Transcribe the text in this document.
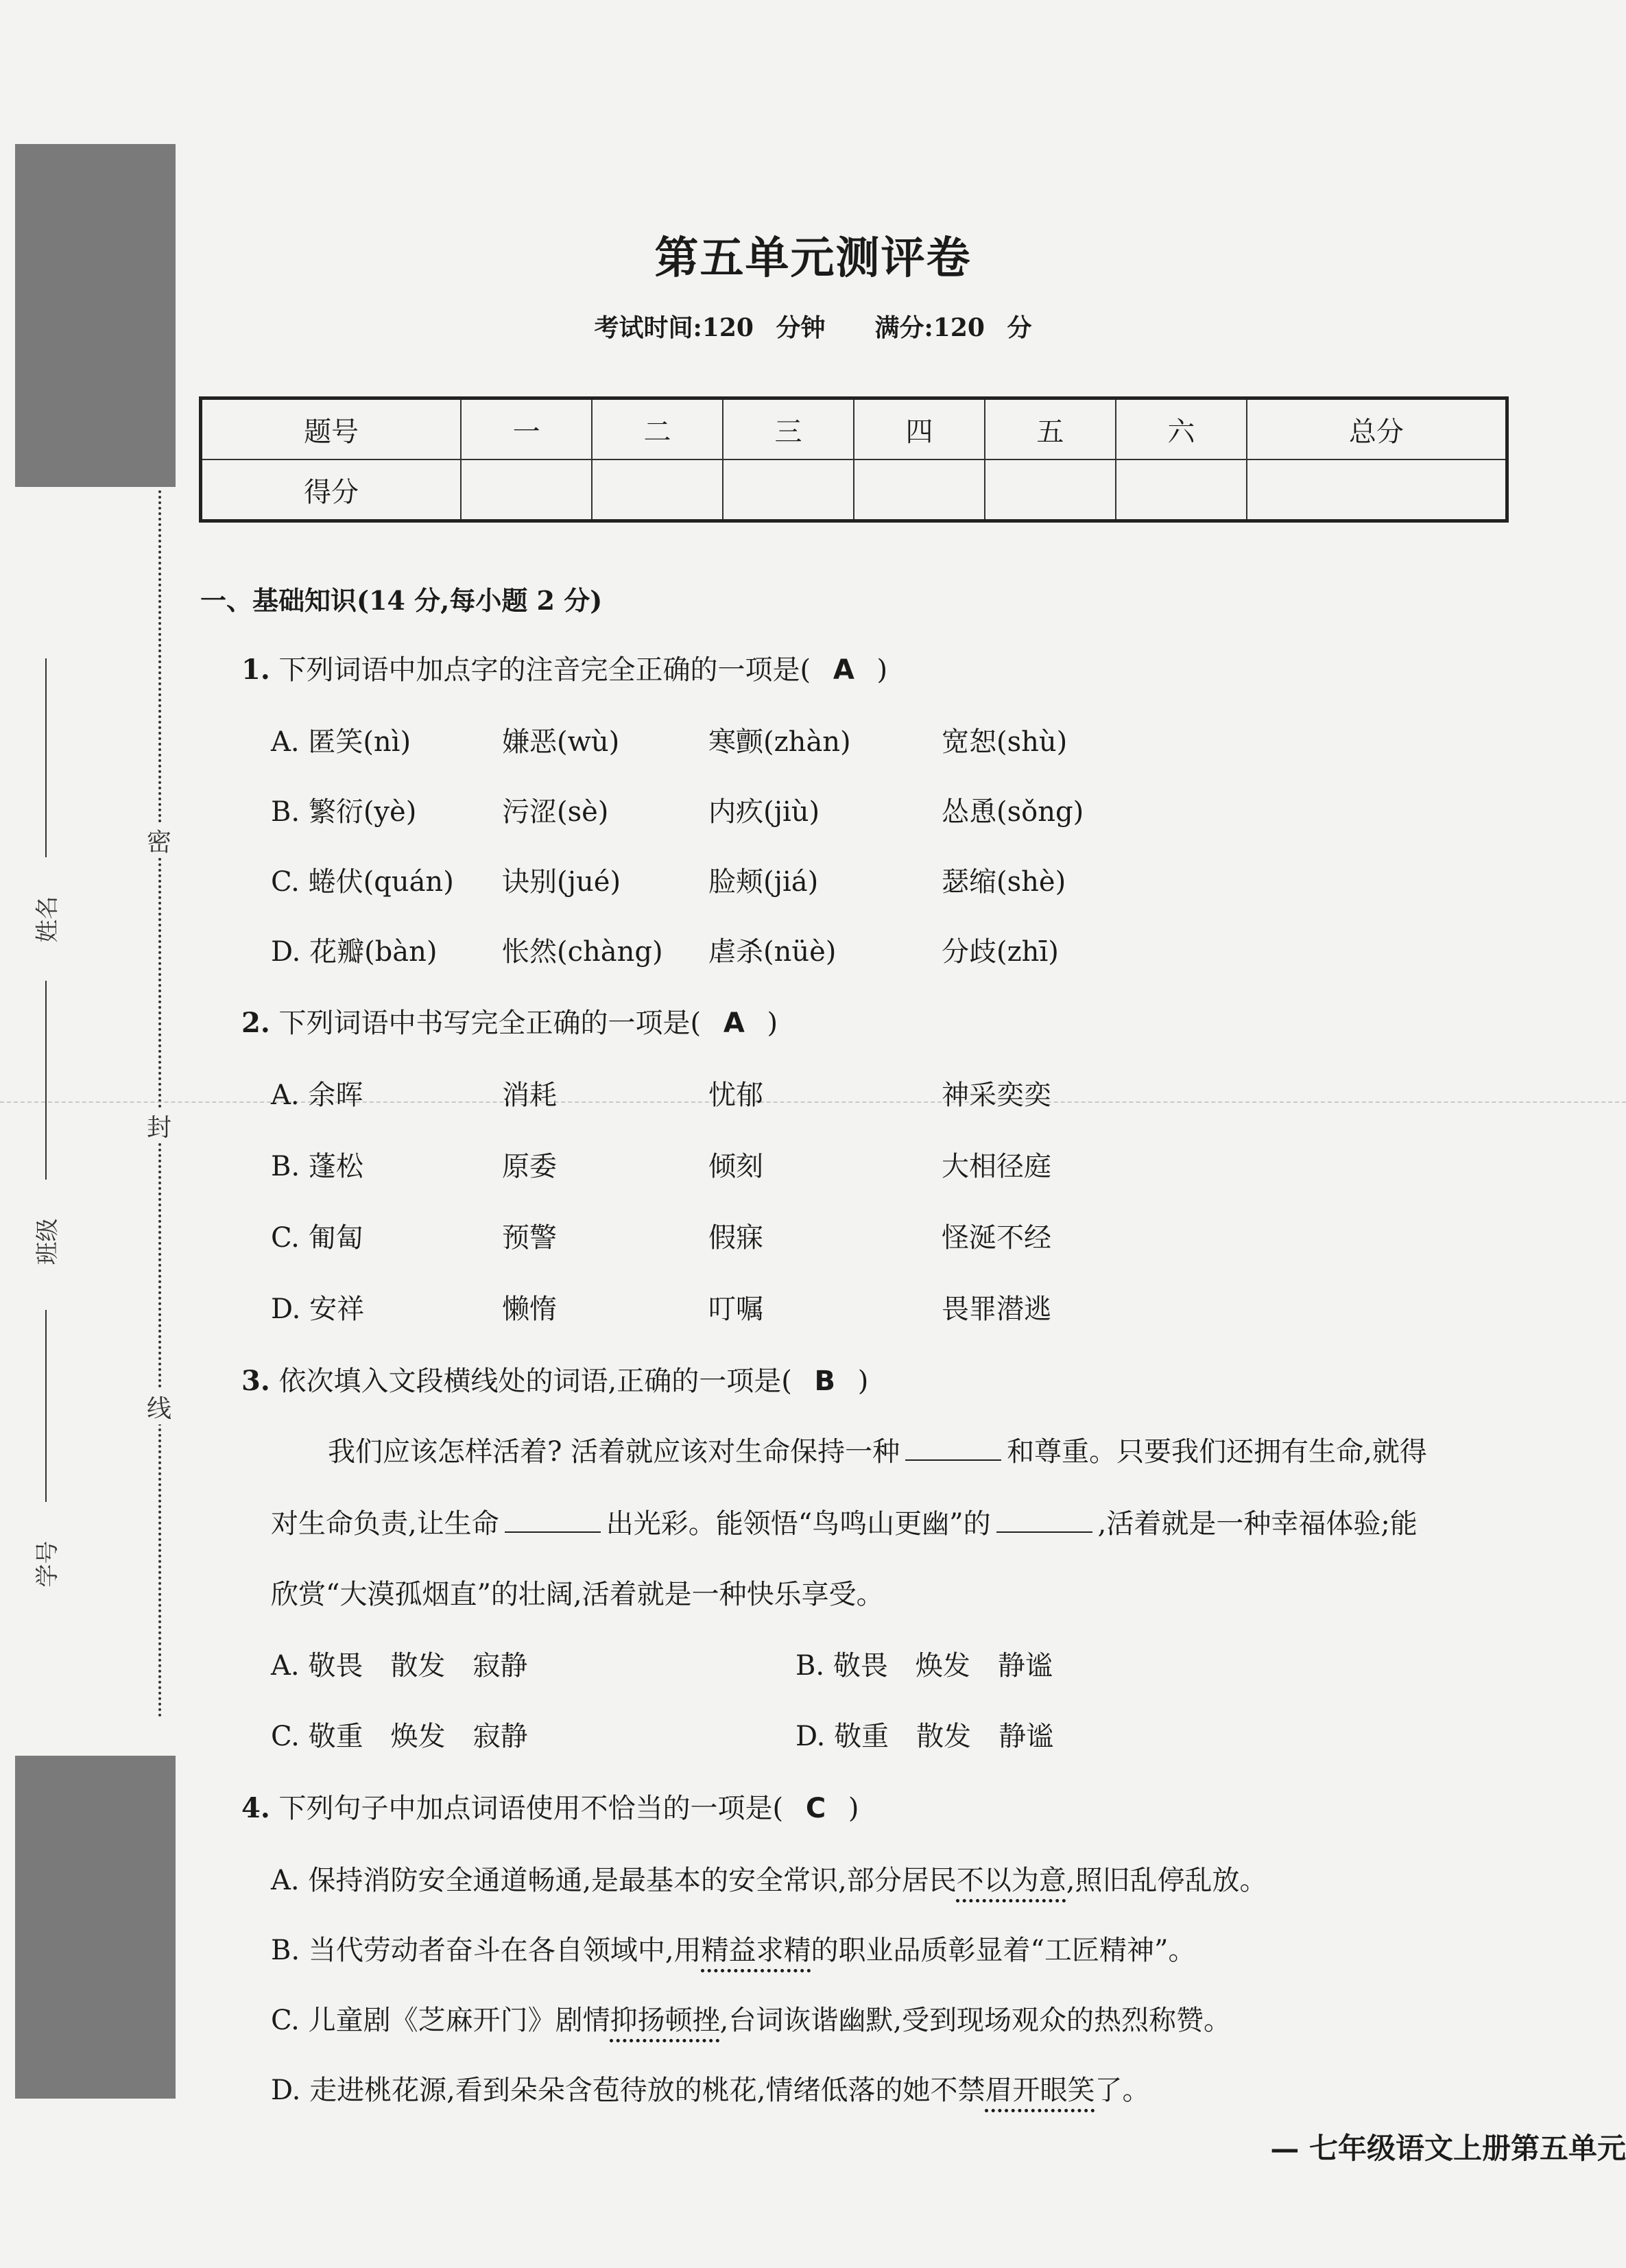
密
封
线
姓名
班级
学号
第五单元测评卷
考试时间:120 分钟　　满分:120 分
题号	一	二	三	四	五	六	总分
得分							
一、基础知识(14 分,每小题 2 分)
1. 下列词语中加点字的注音完全正确的一项是( A )
A. 匿笑(nì)	嫌恶(wù)	寒颤(zhàn)	宽恕(shù)
B. 繁衍(yè)	污涩(sè)	内疚(jiù)	怂恿(sǒng)
C. 蜷伏(quán) 诀别(jué)	脸颊(jiá)	瑟缩(shè)
D. 花瓣(bàn) 怅然(chàng) 虐杀(nüè)	分歧(zhī)
2. 下列词语中书写完全正确的一项是( A )
A. 余晖	消耗	忧郁	神采奕奕
B. 蓬松	原委	倾刻	大相径庭
C. 匍匐	预警	假寐	怪涎不经
D. 安祥	懒惰	叮嘱	畏罪潜逃
3. 依次填入文段横线处的词语,正确的一项是( B )
我们应该怎样活着? 活着就应该对生命保持一种	和尊重。只要我们还拥有生命,就得
对生命负责,让生命	出光彩。能领悟“鸟鸣山更幽”的	,活着就是一种幸福体验;能
欣赏“大漠孤烟直”的壮阔,活着就是一种快乐享受。
A. 敬畏　散发　寂静	B. 敬畏　焕发　静谧
C. 敬重　焕发　寂静	D. 敬重　散发　静谧
4. 下列句子中加点词语使用不恰当的一项是( C )
A. 保持消防安全通道畅通,是最基本的安全常识,部分居民不以为意,照旧乱停乱放。
B. 当代劳动者奋斗在各自领域中,用精益求精的职业品质彰显着“工匠精神”。
C. 儿童剧《芝麻开门》剧情抑扬顿挫,台词诙谐幽默,受到现场观众的热烈称赞。
D. 走进桃花源,看到朵朵含苞待放的桃花,情绪低落的她不禁眉开眼笑了。
— 七年级语文上册第五单元
